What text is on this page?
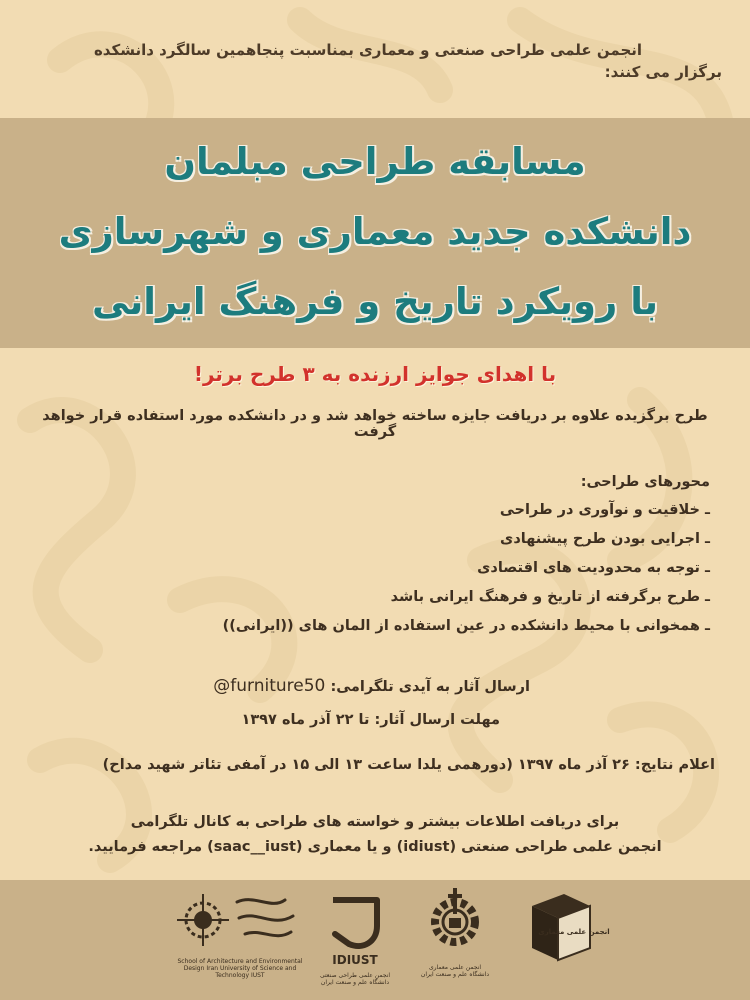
انجمن علمی طراحی صنعتی و معماری بمناسبت پنجاهمین سالگرد دانشکده
برگزار می کنند:
مسابقه طراحی مبلمان
دانشکده جدید معماری و شهرسازی
با رویکرد تاریخ و فرهنگ ایرانی
با اهدای جوایز ارزنده به ۳ طرح برتر!
طرح برگزیده علاوه بر دریافت جایزه ساخته خواهد شد و در دانشکده مورد استفاده قرار خواهد گرفت
محورهای طراحی:
ـ خلاقیت و نوآوری در طراحی
ـ اجرایی بودن طرح پیشنهادی
ـ توجه به محدودیت های اقتصادی
ـ طرح برگرفته از تاریخ و فرهنگ ایرانی باشد
ـ همخوانی با محیط دانشکده در عین استفاده از المان های ((ایرانی))
ارسال آثار به آیدی تلگرامی: @furniture50
مهلت ارسال آثار: تا ۲۲ آذر ماه ۱۳۹۷
اعلام نتایج: ۲۶ آذر ماه ۱۳۹۷ (دورهمی یلدا ساعت ۱۳ الی ۱۵ در آمفی تئاتر شهید مداح)
برای دریافت اطلاعات بیشتر و خواسته های طراحی به کانال تلگرامی
انجمن علمی طراحی صنعتی (idiust) و یا معماری (saac__iust) مراجعه فرمایید.
School of Architecture and Environmental Design Iran University of Science and Technology IUST
IDIUST
انجمن علمی طراحی صنعتی دانشگاه علم و صنعت ایران
انجمن علمی معماری دانشگاه علم و صنعت ایران
انجمن علمی معماری
